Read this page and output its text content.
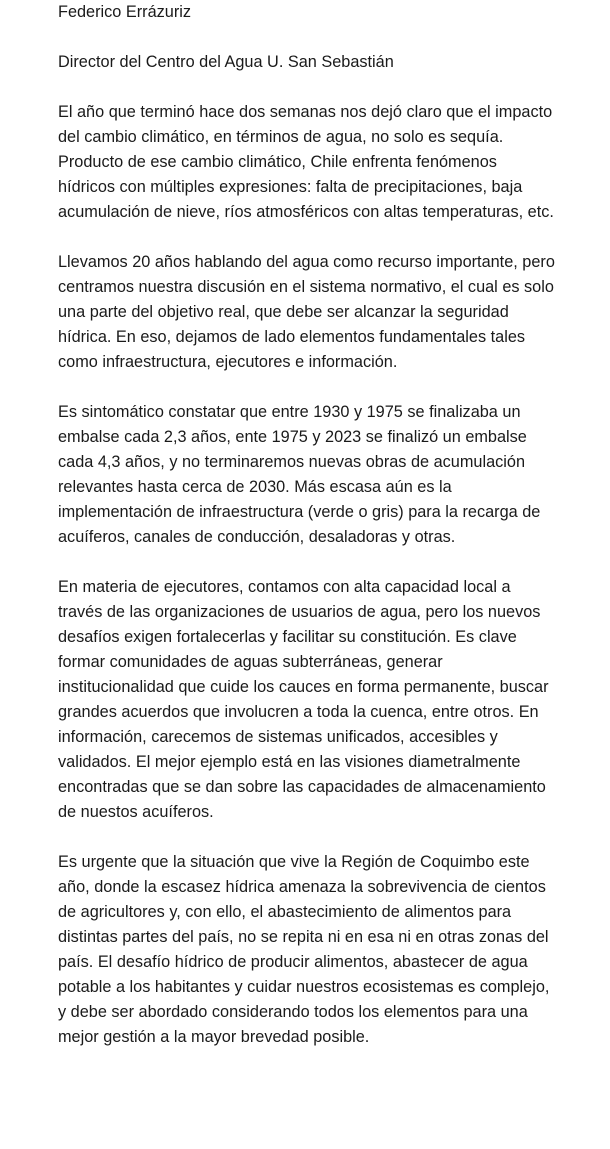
Federico Errázuriz

Director del Centro del Agua U. San Sebastián

El año que terminó hace dos semanas nos dejó claro que el impacto del cambio climático, en términos de agua, no solo es sequía. Producto de ese cambio climático, Chile enfrenta fenómenos hídricos con múltiples expresiones: falta de precipitaciones, baja acumulación de nieve, ríos atmosféricos con altas temperaturas, etc.

Llevamos 20 años hablando del agua como recurso importante, pero centramos nuestra discusión en el sistema normativo, el cual es solo una parte del objetivo real, que debe ser alcanzar la seguridad hídrica. En eso, dejamos de lado elementos fundamentales tales como infraestructura, ejecutores e información.

Es sintomático constatar que entre 1930 y 1975 se finalizaba un embalse cada 2,3 años, ente 1975 y 2023 se finalizó un embalse cada 4,3 años, y no terminaremos nuevas obras de acumulación relevantes hasta cerca de 2030. Más escasa aún es la implementación de infraestructura (verde o gris) para la recarga de acuíferos, canales de conducción, desaladoras y otras.

En materia de ejecutores, contamos con alta capacidad local a través de las organizaciones de usuarios de agua, pero los nuevos desafíos exigen fortalecerlas y facilitar su constitución. Es clave formar comunidades de aguas subterráneas, generar institucionalidad que cuide los cauces en forma permanente, buscar grandes acuerdos que involucren a toda la cuenca, entre otros. En información, carecemos de sistemas unificados, accesibles y validados. El mejor ejemplo está en las visiones diametralmente encontradas que se dan sobre las capacidades de almacenamiento de nuestos acuíferos.

Es urgente que la situación que vive la Región de Coquimbo este año, donde la escasez hídrica amenaza la sobrevivencia de cientos de agricultores y, con ello, el abastecimiento de alimentos para distintas partes del país, no se repita ni en esa ni en otras zonas del país. El desafío hídrico de producir alimentos, abastecer de agua potable a los habitantes y cuidar nuestros ecosistemas es complejo, y debe ser abordado considerando todos los elementos para una mejor gestión a la mayor brevedad posible.
